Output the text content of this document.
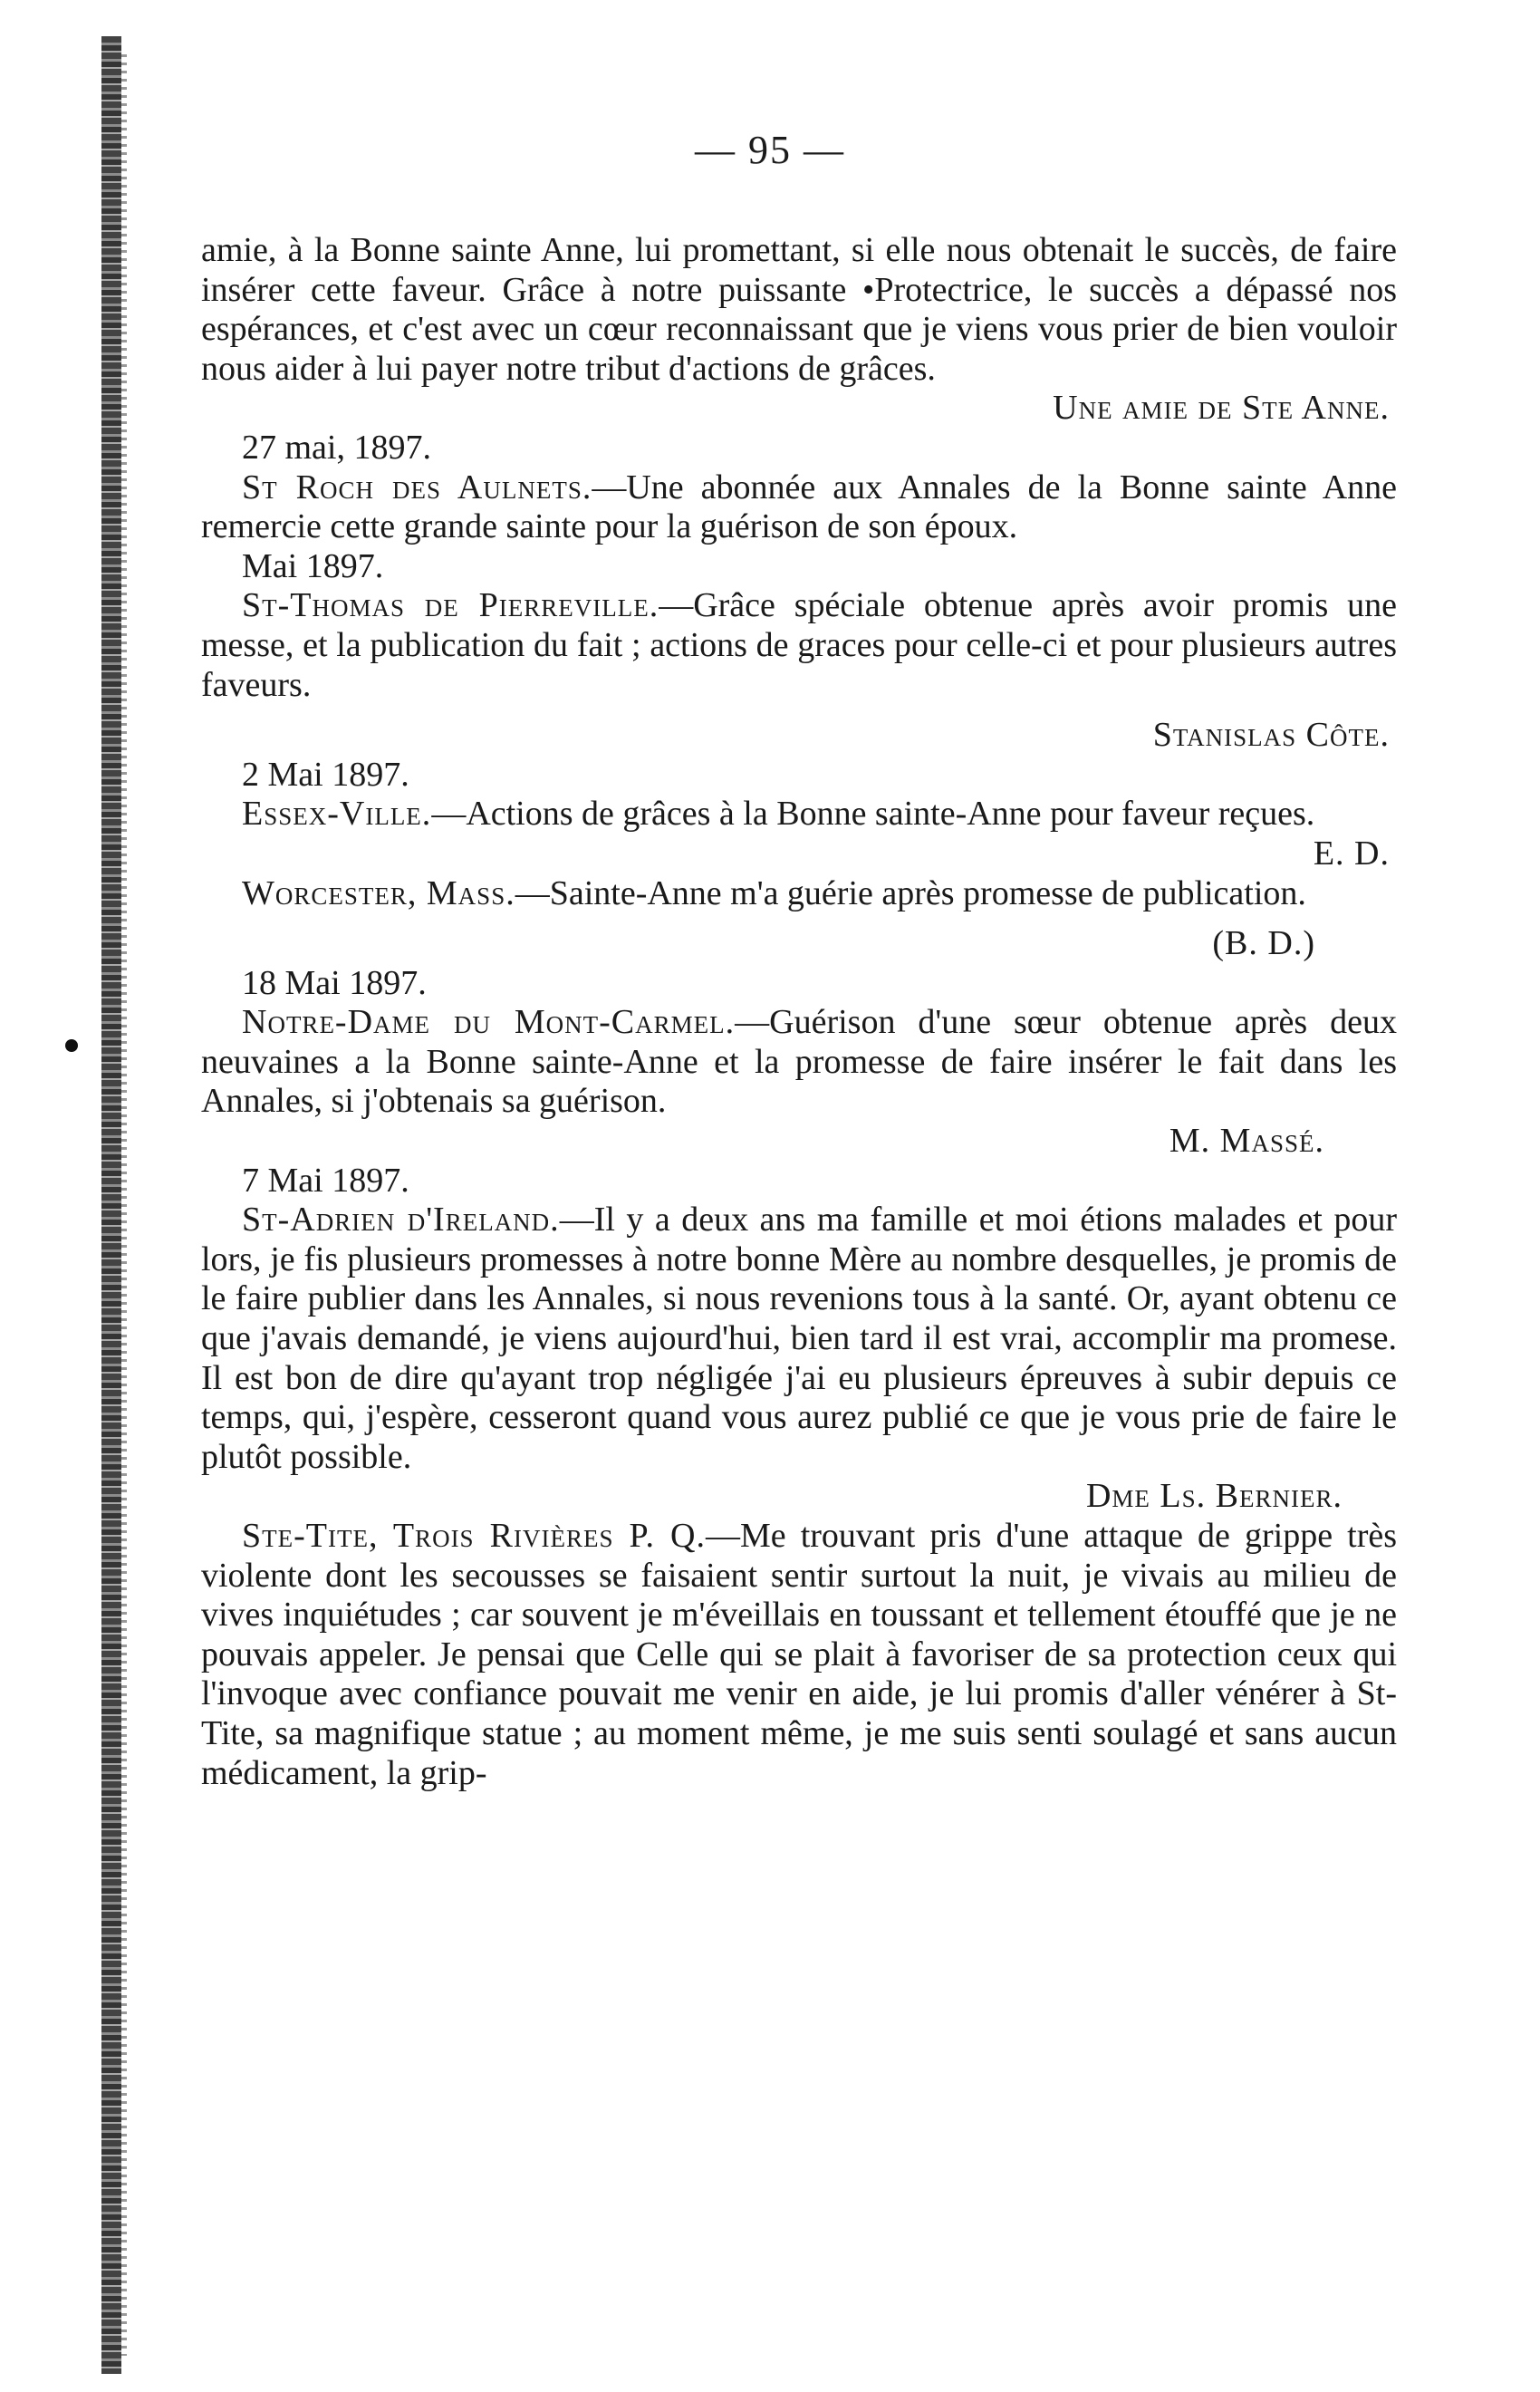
— 95 —

amie, à la Bonne sainte Anne, lui promettant, si elle nous obtenait le succès, de faire insérer cette faveur. Grâce à notre puissante •Protectrice, le succès a dépassé nos espérances, et c'est avec un cœur reconnaissant que je viens vous prier de bien vouloir nous aider à lui payer notre tribut d'actions de grâces.

Une amie de Ste Anne.
27 mai, 1897.

St Roch des Aulnets.—Une abonnée aux Annales de la Bonne sainte Anne remercie cette grande sainte pour la guérison de son époux.

Mai 1897.

St-Thomas de Pierreville.—Grâce spéciale obtenue après avoir promis une messe, et la publication du fait ; actions de graces pour celle-ci et pour plusieurs autres faveurs.

Stanislas Côte.
2 Mai 1897.

Essex-Ville.—Actions de grâces à la Bonne sainte-Anne pour faveur reçues.

E. D.

Worcester, Mass.—Sainte-Anne m'a guérie après promesse de publication.

(B. D.)
18 Mai 1897.

Notre-Dame du Mont-Carmel.—Guérison d'une sœur obtenue après deux neuvaines a la Bonne sainte-Anne et la promesse de faire insérer le fait dans les Annales, si j'obtenais sa guérison.

M. Massé.
7 Mai 1897.

St-Adrien d'Ireland.—Il y a deux ans ma famille et moi étions malades et pour lors, je fis plusieurs promesses à notre bonne Mère au nombre desquelles, je promis de le faire publier dans les Annales, si nous revenions tous à la santé. Or, ayant obtenu ce que j'avais demandé, je viens aujourd'hui, bien tard il est vrai, accomplir ma promese. Il est bon de dire qu'ayant trop négligée j'ai eu plusieurs épreuves à subir depuis ce temps, qui, j'espère, cesseront quand vous aurez publié ce que je vous prie de faire le plutôt possible.

Dme Ls. Bernier.

Ste-Tite, Trois Rivières P. Q.—Me trouvant pris d'une attaque de grippe très violente dont les secousses se faisaient sentir surtout la nuit, je vivais au milieu de vives inquiétudes ; car souvent je m'éveillais en toussant et tellement étouffé que je ne pouvais appeler. Je pensai que Celle qui se plait à favoriser de sa protection ceux qui l'invoque avec confiance pouvait me venir en aide, je lui promis d'aller vénérer à St-Tite, sa magnifique statue ; au moment même, je me suis senti soulagé et sans aucun médicament, la grip-
